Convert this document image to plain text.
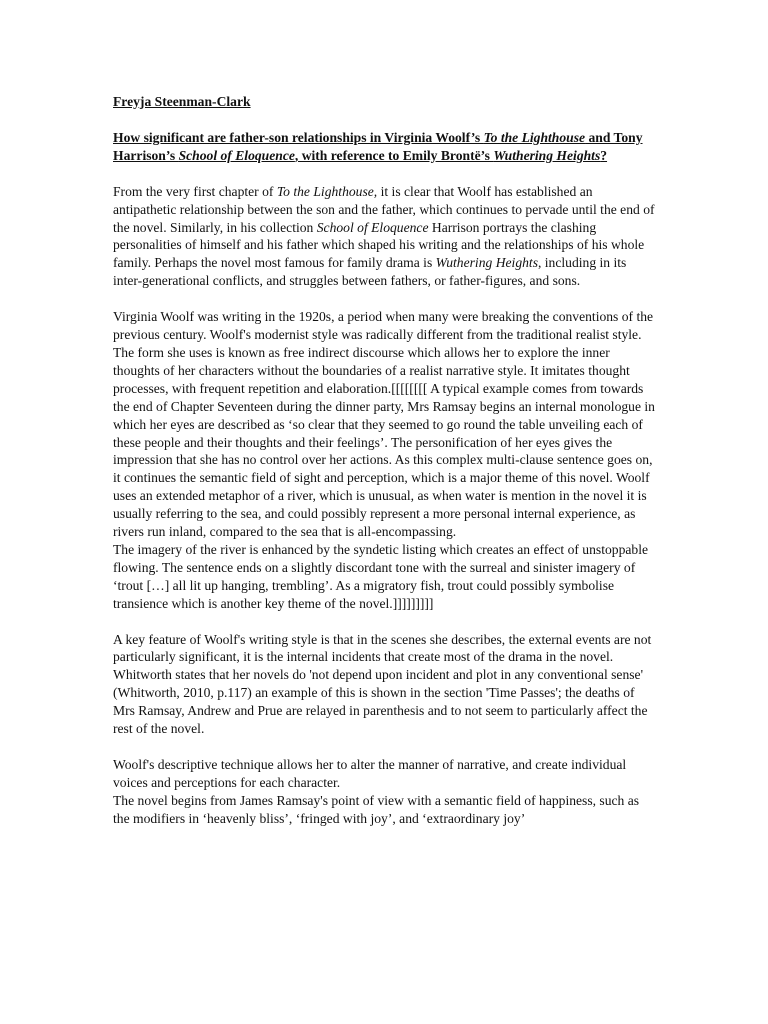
Freyja Steenman-Clark
How significant are father-son relationships in Virginia Woolf’s To the Lighthouse and Tony Harrison’s School of Eloquence, with reference to Emily Brontë’s Wuthering Heights?

From the very first chapter of To the Lighthouse, it is clear that Woolf has established an antipathetic relationship between the son and the father, which continues to pervade until the end of the novel. Similarly, in his collection School of Eloquence Harrison portrays the clashing personalities of himself and his father which shaped his writing and the relationships of his whole family. Perhaps the novel most famous for family drama is Wuthering Heights, including in its inter-generational conflicts, and struggles between fathers, or father-figures, and sons.

Virginia Woolf was writing in the 1920s, a period when many were breaking the conventions of the previous century. Woolf's modernist style was radically different from the traditional realist style. The form she uses is known as free indirect discourse which allows her to explore the inner thoughts of her characters without the boundaries of a realist narrative style. It imitates thought processes, with frequent repetition and elaboration.[[[[[[[[ A typical example comes from towards the end of Chapter Seventeen during the dinner party, Mrs Ramsay begins an internal monologue in which her eyes are described as ‘so clear that they seemed to go round the table unveiling each of these people and their thoughts and their feelings’. The personification of her eyes gives the impression that she has no control over her actions. As this complex multi-clause sentence goes on, it continues the semantic field of sight and perception, which is a major theme of this novel. Woolf uses an extended metaphor of a river, which is unusual, as when water is mention in the novel it is usually referring to the sea, and could possibly represent a more personal internal experience, as rivers run inland, compared to the sea that is all-encompassing.

The imagery of the river is enhanced by the syndetic listing which creates an effect of unstoppable flowing. The sentence ends on a slightly discordant tone with the surreal and sinister imagery of ‘trout […] all lit up hanging, trembling’. As a migratory fish, trout could possibly symbolise transience which is another key theme of the novel.]]]]]]]]]

A key feature of Woolf's writing style is that in the scenes she describes, the external events are not particularly significant, it is the internal incidents that create most of the drama in the novel.

Whitworth states that her novels do 'not depend upon incident and plot in any conventional sense' (Whitworth, 2010, p.117) an example of this is shown in the section 'Time Passes'; the deaths of Mrs Ramsay, Andrew and Prue are relayed in parenthesis and to not seem to particularly affect the rest of the novel.

Woolf's descriptive technique allows her to alter the manner of narrative, and create individual voices and perceptions for each character.

The novel begins from James Ramsay's point of view with a semantic field of happiness, such as the modifiers in ‘heavenly bliss’, ‘fringed with joy’, and ‘extraordinary joy’
